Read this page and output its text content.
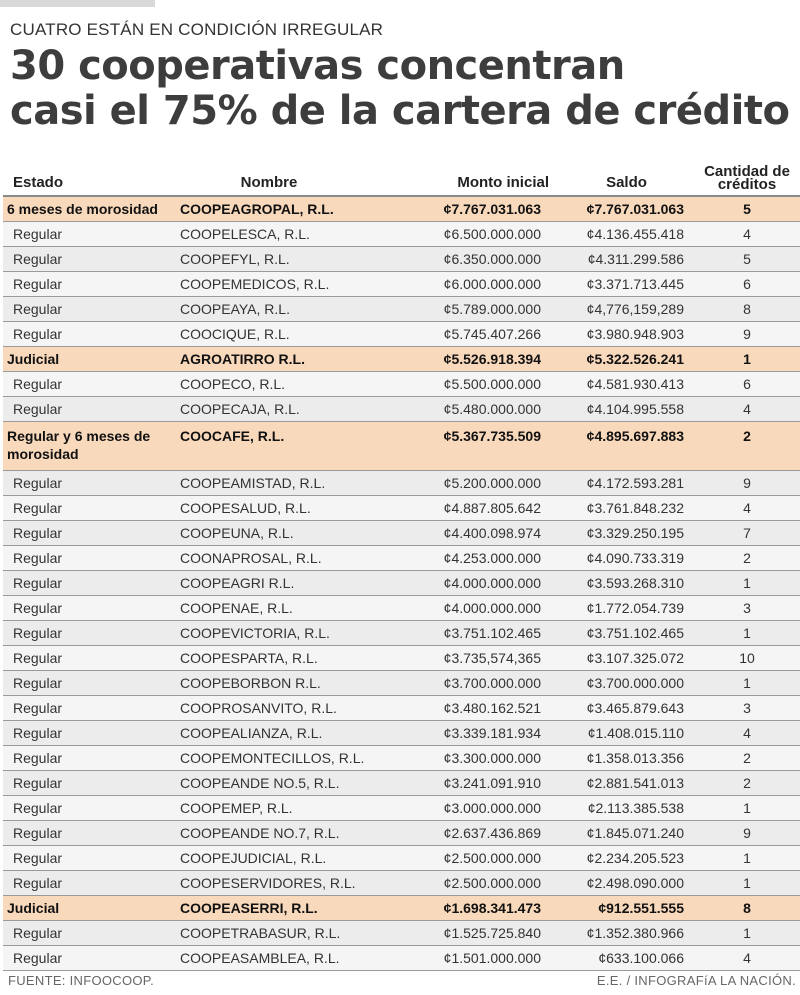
CUATRO ESTÁN EN CONDICIÓN IRREGULAR
30 cooperativas concentran
casi el 75% de la cartera de crédito
Estado	Nombre	Monto inicial	Saldo	Cantidad de créditos
6 meses de morosidad	COOPEAGROPAL, R.L.	¢7.767.031.063	¢7.767.031.063	5
Regular	COOPELESCA, R.L.	¢6.500.000.000	¢4.136.455.418	4
Regular	COOPEFYL, R.L.	¢6.350.000.000	¢4.311.299.586	5
Regular	COOPEMEDICOS, R.L.	¢6.000.000.000	¢3.371.713.445	6
Regular	COOPEAYA, R.L.	¢5.789.000.000	¢4,776,159,289	8
Regular	COOCIQUE, R.L.	¢5.745.407.266	¢3.980.948.903	9
Judicial	AGROATIRRO R.L.	¢5.526.918.394	¢5.322.526.241	1
Regular	COOPECO, R.L.	¢5.500.000.000	¢4.581.930.413	6
Regular	COOPECAJA, R.L.	¢5.480.000.000	¢4.104.995.558	4
Regular y 6 meses de morosidad	COOCAFE, R.L.	¢5.367.735.509	¢4.895.697.883	2
Regular	COOPEAMISTAD, R.L.	¢5.200.000.000	¢4.172.593.281	9
Regular	COOPESALUD, R.L.	¢4.887.805.642	¢3.761.848.232	4
Regular	COOPEUNA, R.L.	¢4.400.098.974	¢3.329.250.195	7
Regular	COONAPROSAL, R.L.	¢4.253.000.000	¢4.090.733.319	2
Regular	COOPEAGRI R.L.	¢4.000.000.000	¢3.593.268.310	1
Regular	COOPENAE, R.L.	¢4.000.000.000	¢1.772.054.739	3
Regular	COOPEVICTORIA, R.L.	¢3.751.102.465	¢3.751.102.465	1
Regular	COOPESPARTA, R.L.	¢3.735,574,365	¢3.107.325.072	10
Regular	COOPEBORBON R.L.	¢3.700.000.000	¢3.700.000.000	1
Regular	COOPROSANVITO, R.L.	¢3.480.162.521	¢3.465.879.643	3
Regular	COOPEALIANZA, R.L.	¢3.339.181.934	¢1.408.015.110	4
Regular	COOPEMONTECILLOS, R.L.	¢3.300.000.000	¢1.358.013.356	2
Regular	COOPEANDE NO.5, R.L.	¢3.241.091.910	¢2.881.541.013	2
Regular	COOPEMEP, R.L.	¢3.000.000.000	¢2.113.385.538	1
Regular	COOPEANDE NO.7, R.L.	¢2.637.436.869	¢1.845.071.240	9
Regular	COOPEJUDICIAL, R.L.	¢2.500.000.000	¢2.234.205.523	1
Regular	COOPESERVIDORES, R.L.	¢2.500.000.000	¢2.498.090.000	1
Judicial	COOPEASERRI, R.L.	¢1.698.341.473	¢912.551.555	8
Regular	COOPETRABASUR, R.L.	¢1.525.725.840	¢1.352.380.966	1
Regular	COOPEASAMBLEA, R.L.	¢1.501.000.000	¢633.100.066	4
FUENTE: INFOOCOOP.	E.E. / INFOGRAFíA LA NACIÓN.
